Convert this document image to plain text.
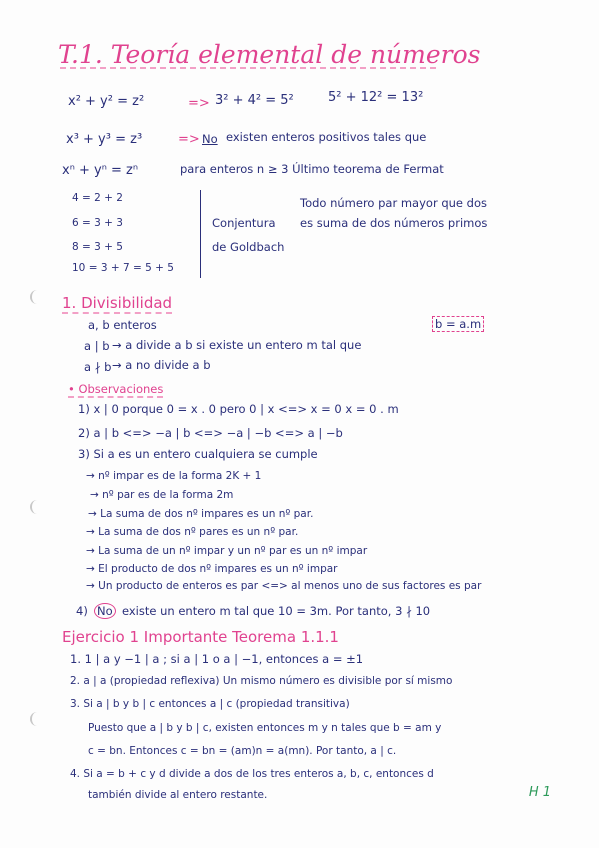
T.1. Teoría elemental de números
x² + y² = z²	=> 3² + 4² = 5²	5² + 12² = 13²
x³ + y³ = z³	=> No existen enteros positivos tales que
xⁿ + yⁿ = zⁿ	para enteros n ≥ 3 Último teorema de Fermat
4 = 2 + 2
6 = 3 + 3
8 = 3 + 5
10 = 3 + 7 = 5 + 5
Conjentura
de Goldbach
Todo número par mayor que dos
es suma de dos números primos
1. Divisibilidad
a, b enteros
a | b → a divide a b si existe un entero m tal que
b = a.m
a ∤ b → a no divide a b
• Observaciones
1) x | 0 porque 0 = x . 0 pero 0 | x <=> x = 0 x = 0 . m
2) a | b <=> −a | b <=> −a | −b <=> a | −b
3) Si a es un entero cualquiera se cumple
→ nº impar es de la forma 2K + 1
→ nº par es de la forma 2m
→ La suma de dos nº impares es un nº par.
→ La suma de dos nº pares es un nº par.
→ La suma de un nº impar y un nº par es un nº impar
→ El producto de dos nº impares es un nº impar
→ Un producto de enteros es par <=> al menos uno de sus factores es par
4) No existe un entero m tal que 10 = 3m. Por tanto, 3 ∤ 10
Ejercicio 1 Importante Teorema 1.1.1
1. 1 | a y −1 | a ; si a | 1 o a | −1, entonces a = ±1
2. a | a (propiedad reflexiva) Un mismo número es divisible por sí mismo
3. Si a | b y b | c entonces a | c (propiedad transitiva)
Puesto que a | b y b | c, existen entonces m y n tales que b = am y
c = bn. Entonces c = bn = (am)n = a(mn). Por tanto, a | c.
4. Si a = b + c y d divide a dos de los tres enteros a, b, c, entonces d
también divide al entero restante.	H 1
